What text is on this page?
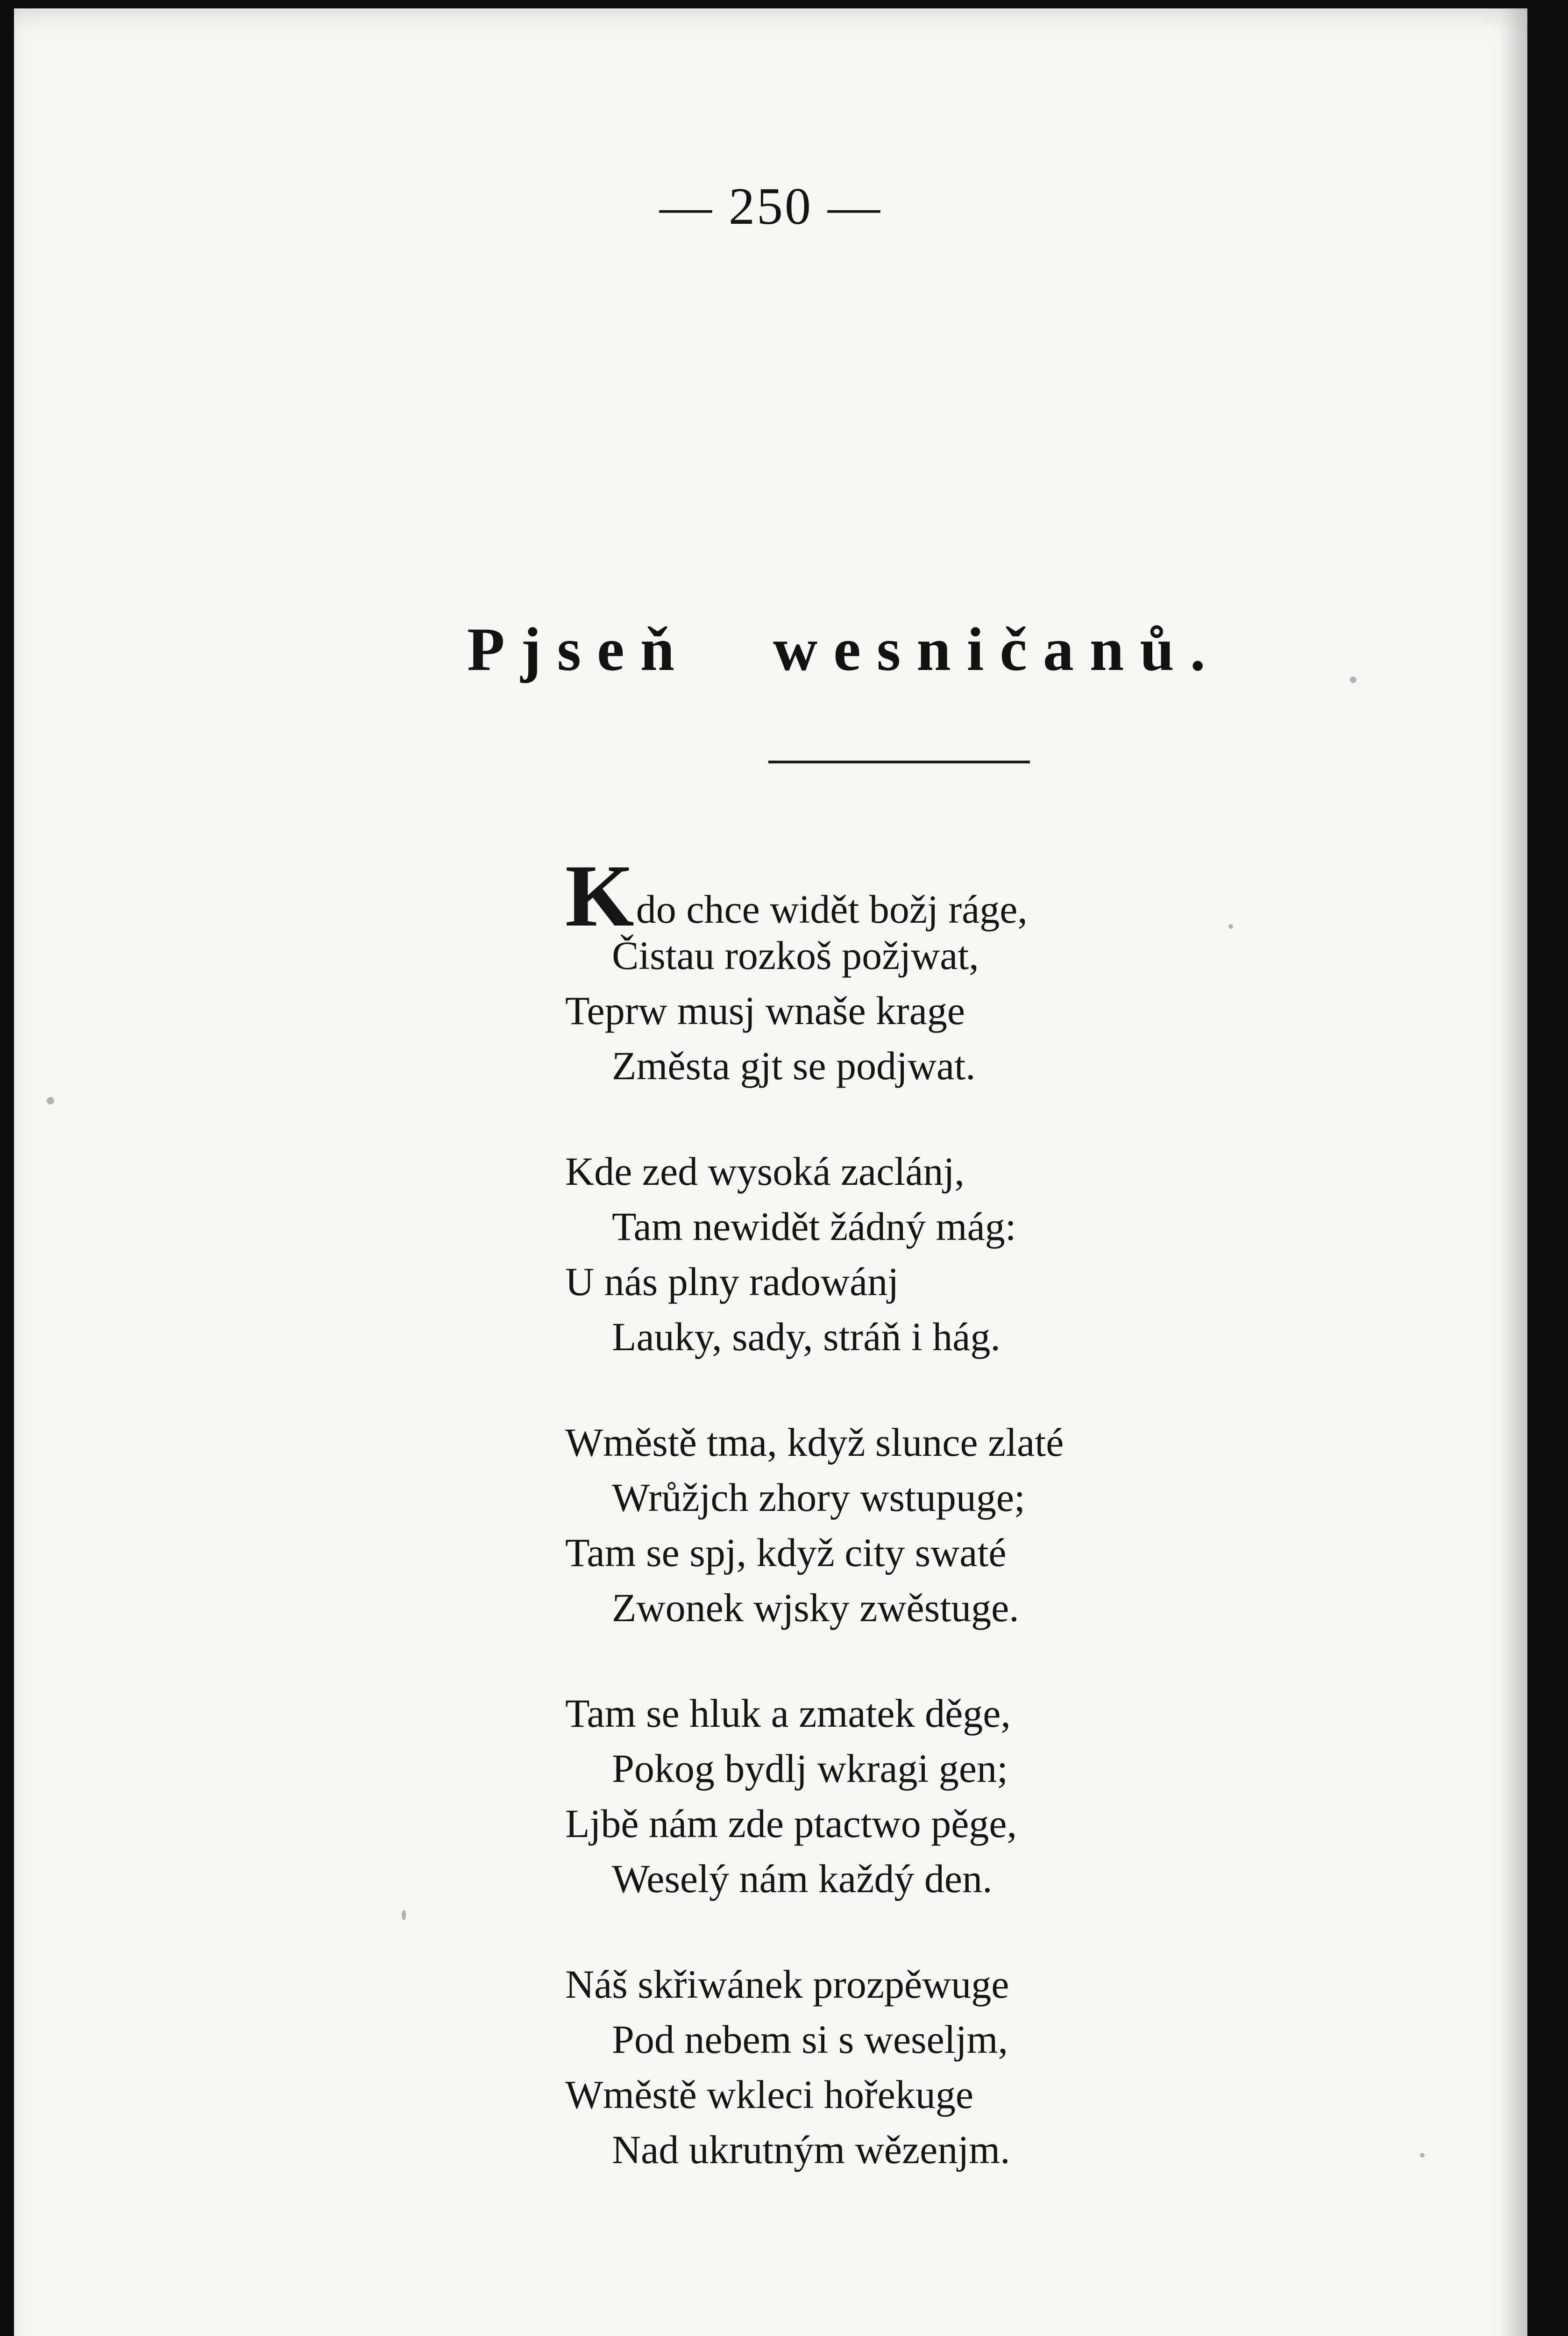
— 250 —
Pjseň wesničanů.
Kdo chce widět božj ráge,
Čistau rozkoš požjwat,
Teprw musj wnaše krage
Změsta gjt se podjwat.
Kde zed wysoká zaclánj,
Tam newidět žádný mág:
U nás plny radowánj
Lauky, sady, stráň i hág.
Wměstě tma, když slunce zlaté
Wrůžjch zhory wstupuge;
Tam se spj, když city swaté
Zwonek wjsky zwěstuge.
Tam se hluk a zmatek děge,
Pokog bydlj wkragi gen;
Ljbě nám zde ptactwo pěge,
Weselý nám každý den.
Náš skřiwánek prozpěwuge
Pod nebem si s weseljm,
Wměstě wkleci hořekuge
Nad ukrutným wězenjm.
